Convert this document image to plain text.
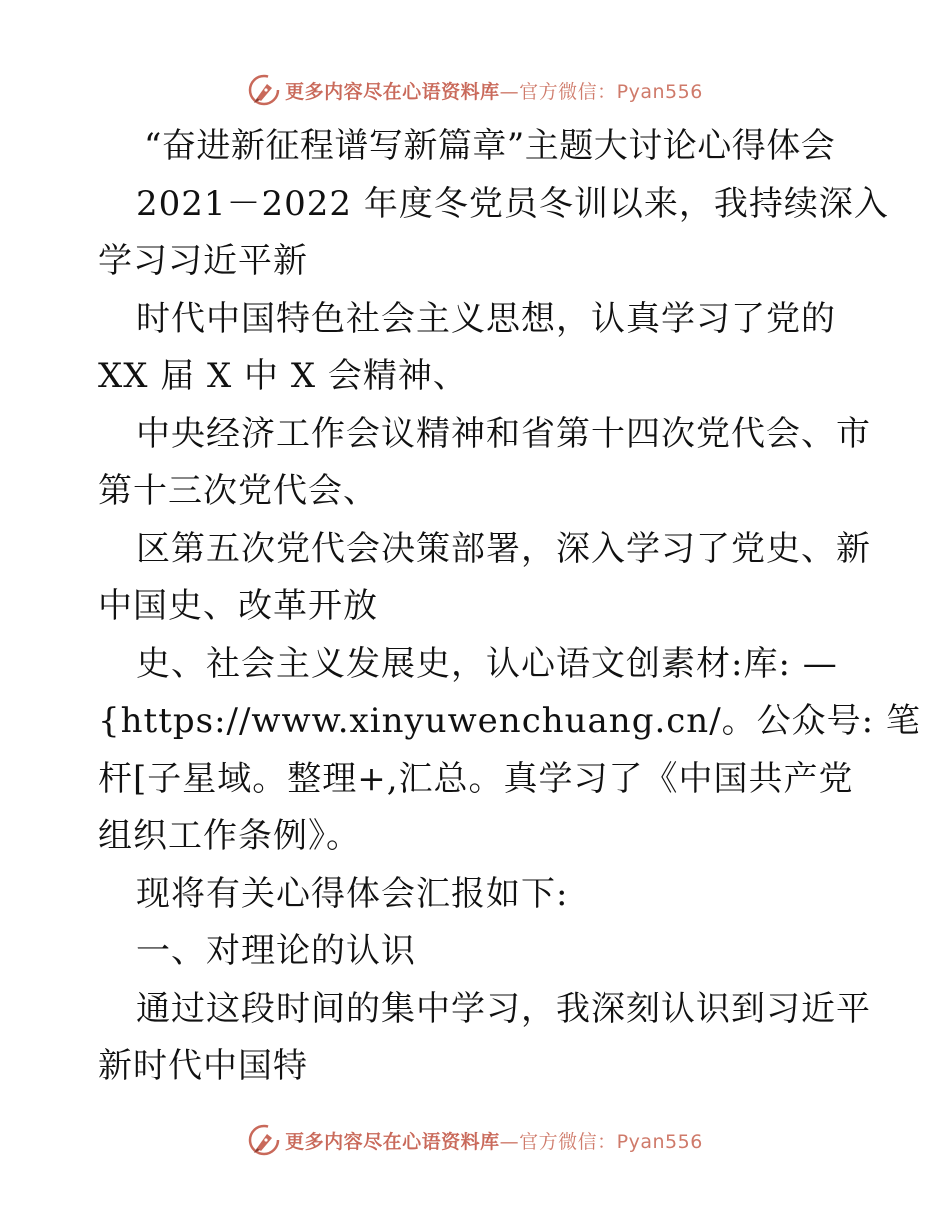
更多内容尽在心语资料库—官方微信：Pyan556
“奋进新征程谱写新篇章”主题大讨论心得体会
2021－2022 年度冬党员冬训以来，我持续深入
学习习近平新
时代中国特色社会主义思想，认真学习了党的
XX 届 X 中 X 会精神、
中央经济工作会议精神和省第十四次党代会、市
第十三次党代会、
区第五次党代会决策部署，深入学习了党史、新
中国史、改革开放
史、社会主义发展史，认心语文创素材:库: —
{https://www.xinyuwenchuang.cn/。公众号: 笔
杆[子星域。整理+,汇总。真学习了《中国共产党
组织工作条例》。
现将有关心得体会汇报如下:
一、对理论的认识
通过这段时间的集中学习，我深刻认识到习近平
新时代中国特
更多内容尽在心语资料库—官方微信：Pyan556
